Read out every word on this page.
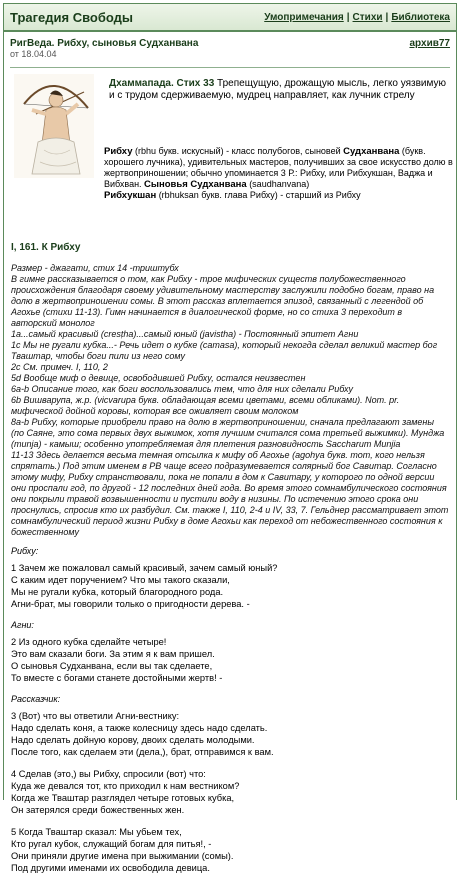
Трагедия Свободы	Умопримечания | Стихи | Библиотека
РигВеда. Рибху, сыновья Судханвана
от 18.04.04
архив77
Дхаммапада. Стих 33 Трепещущую, дрожащую мысль, легко уязвимую и с трудом сдерживаемую, мудрец направляет, как лучник стрелу
Рибху (rbhu букв. искусный) - класс полубогов, сыновей Судханвана (букв. хорошего лучника), удивительных мастеров, получивших за свое искусство долю в жертвоприношении; обычно упоминается 3 Р.: Рибху, или Рибхукшан, Ваджа и Вибхван. Сыновья Судханвана (saudhanvana)
Рибхукшан (rbhuksan букв. глава Рибху) - старший из Рибху
I, 161. К Рибху
Размер - джагати, стих 14 -триштубх
В гимне рассказывается о том, как Рибху - трое мифических существ полубожественного происхождения благодаря своему удивительному мастерству заслужили подобно богам, право на долю в жертвоприношении сомы. В этот рассказ вплетается эпизод, связанный с легендой об Агохье (стихи 11-13). Гимн начинается в диалогической форме, но со стиха 3 переходит в авторский монолог
1а...самый красивый (cresṭha)...самый юный (javistha) - Постоянный эпитет Агни
1с Мы не ругали кубка...- Речь идет о кубке (camasa), который некогда сделал великий мастер бог Тваштар, чтобы боги пили из него сому
2с См. примеч. I, 110, 2
5d Вообще миф о девице, освободившей Рибху, остался неизвестен
6а-b Описание того, как боги воспользовались тем, что для них сделали Рибху
6b Вишварупа, ж.р. (vicvarupa букв. обладающая всеми цветами, всеми обликами). Nom. pr. мифической дойной коровы, которая все оживляет своим молоком
8а-b Рибху, которые приобрели право на долю в жертвоприношении, сначала предлагают замены (по Саяне, это сома первых двух выжимок, хотя лучшим считался сома третьей выжимки). Мунджа (munja) - камыш; особенно употребляемая для плетения разновидность Saccharum Munjia
11-13 Здесь делается весьма темная отсылка к мифу об Агохье (agohya букв. тот, кого нельзя спрятать.) Под этим именем в РВ чаще всего подразумевается солярный бог Савитар. Согласно этому мифу, Рибху странствовали, пока не попали в дом к Савитару, у которого по одной версии они проспали год, по другой - 12 последних дней года. Во время этого сомнамбулического состояния они покрыли травой возвышенности и пустили воду в низины. По истечению этого срока они проснулись, спросив кто их разбудил. См. также I, 110, 2-4 и IV, 33, 7. Гельднер рассматривает этот сомнамбулический период жизни Рибху в доме Агохьи как переход от небожественного состояния к божественному
Рибху:
1 Зачем же пожаловал самый красивый, зачем самый юный?
С каким идет поручением? Что мы такого сказали,
Мы не ругали кубка, который благородного рода.
Агни-брат, мы говорили только о пригодности дерева. -
Агни:
2 Из одного кубка сделайте четыре!
Это вам сказали боги. За этим я к вам пришел.
О сыновья Судханвана, если вы так сделаете,
То вместе с богами станете достойными жертв! -
Рассказчик:
3 (Вот) что вы ответили Агни-вестнику:
Надо сделать коня, а также колесницу здесь надо сделать.
Надо сделать дойную корову, двоих сделать молодыми.
После того, как сделаем эти (дела,), брат, отправимся к вам.
4 Сделав (это,) вы Рибху, спросили (вот) что:
Куда же девался тот, кто приходил к нам вестником?
Когда же Тваштар разглядел четыре готовых кубка,
Он затерялся среди божественных жен.
5 Когда Тваштар сказал: Мы убьем тех,
Кто ругал кубок, служащий богам для питья!, -
Они приняли другие имена при выжимании (сомы).
Под другими именами их освободила девица.
